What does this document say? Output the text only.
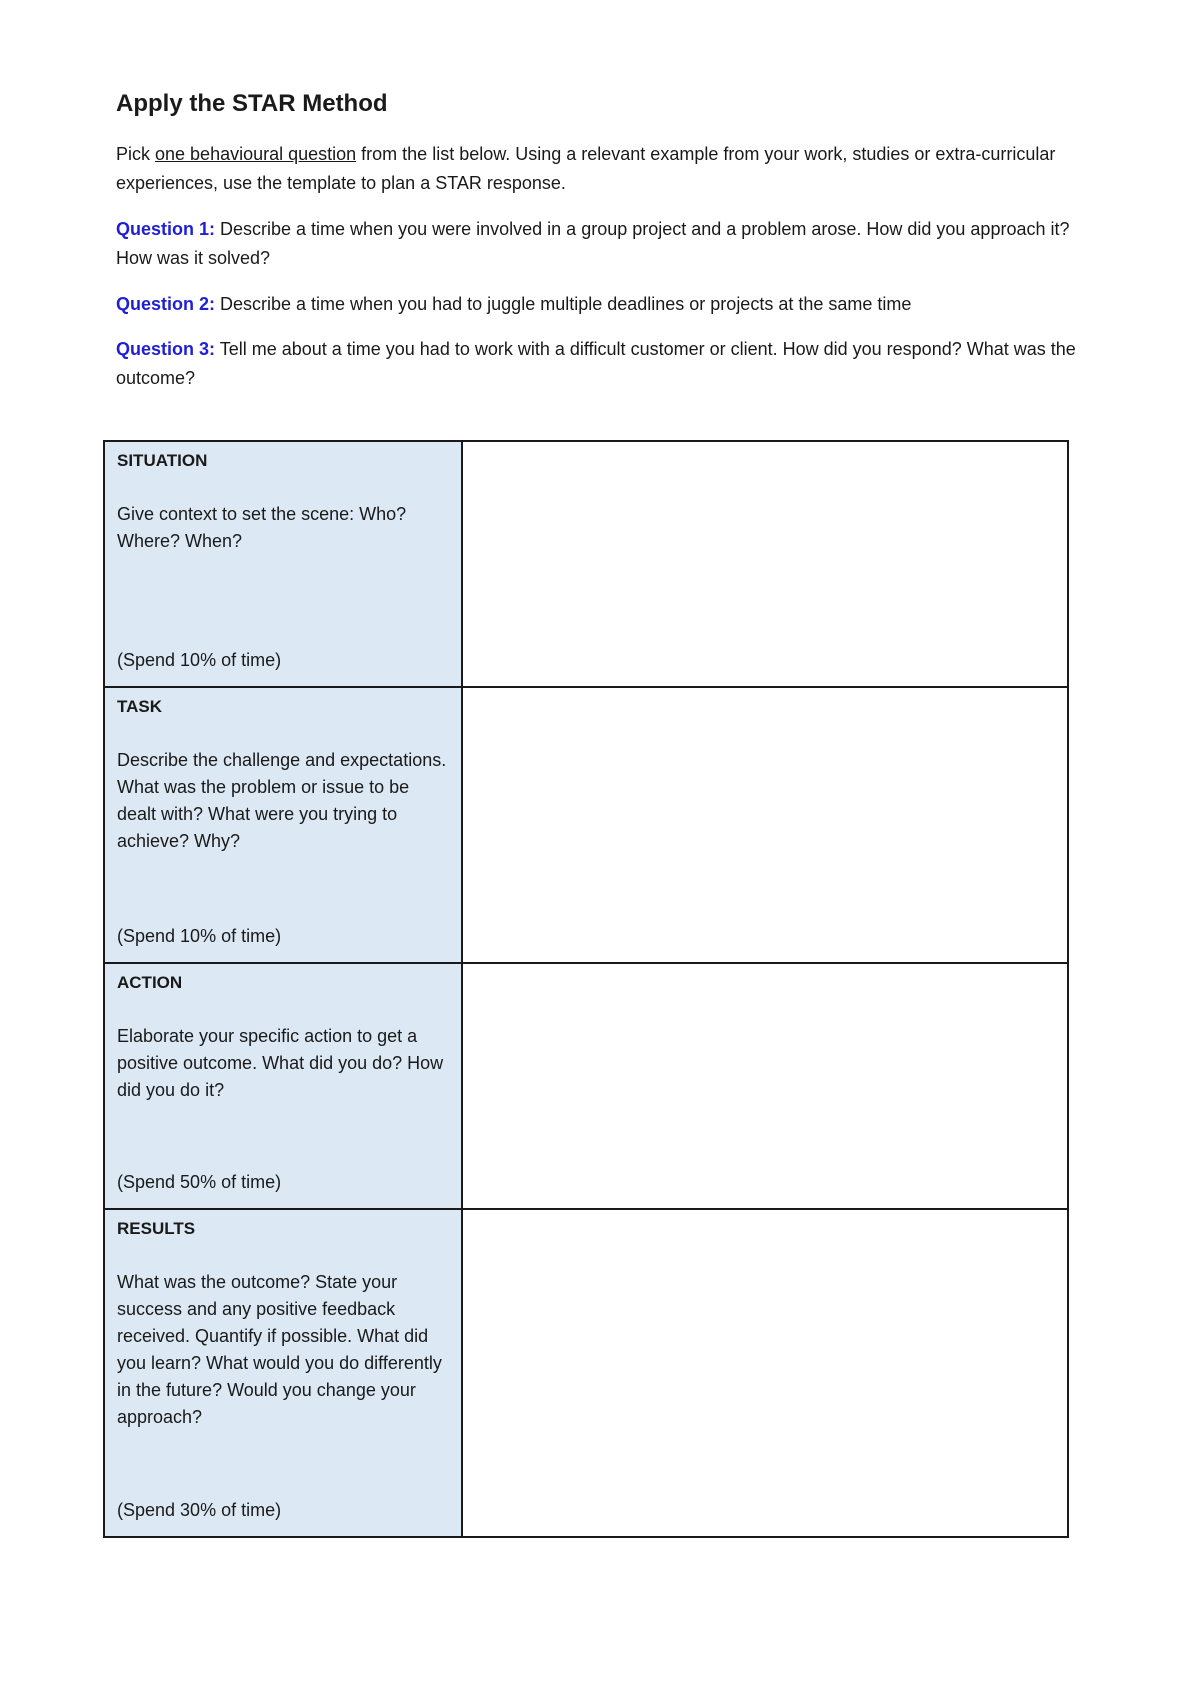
Apply the STAR Method

Pick one behavioural question from the list below. Using a relevant example from your work, studies or extra-curricular experiences, use the template to plan a STAR response.

Question 1: Describe a time when you were involved in a group project and a problem arose. How did you approach it? How was it solved?

Question 2: Describe a time when you had to juggle multiple deadlines or projects at the same time

Question 3: Tell me about a time you had to work with a difficult customer or client. How did you respond? What was the outcome?

SITUATION
Give context to set the scene: Who? Where? When?
(Spend 10% of time)	

TASK
Describe the challenge and expectations. What was the problem or issue to be dealt with? What were you trying to achieve? Why?
(Spend 10% of time)	

ACTION
Elaborate your specific action to get a positive outcome. What did you do? How did you do it?
(Spend 50% of time)	

RESULTS
What was the outcome? State your success and any positive feedback received. Quantify if possible. What did you learn? What would you do differently in the future? Would you change your approach?
(Spend 30% of time)	
